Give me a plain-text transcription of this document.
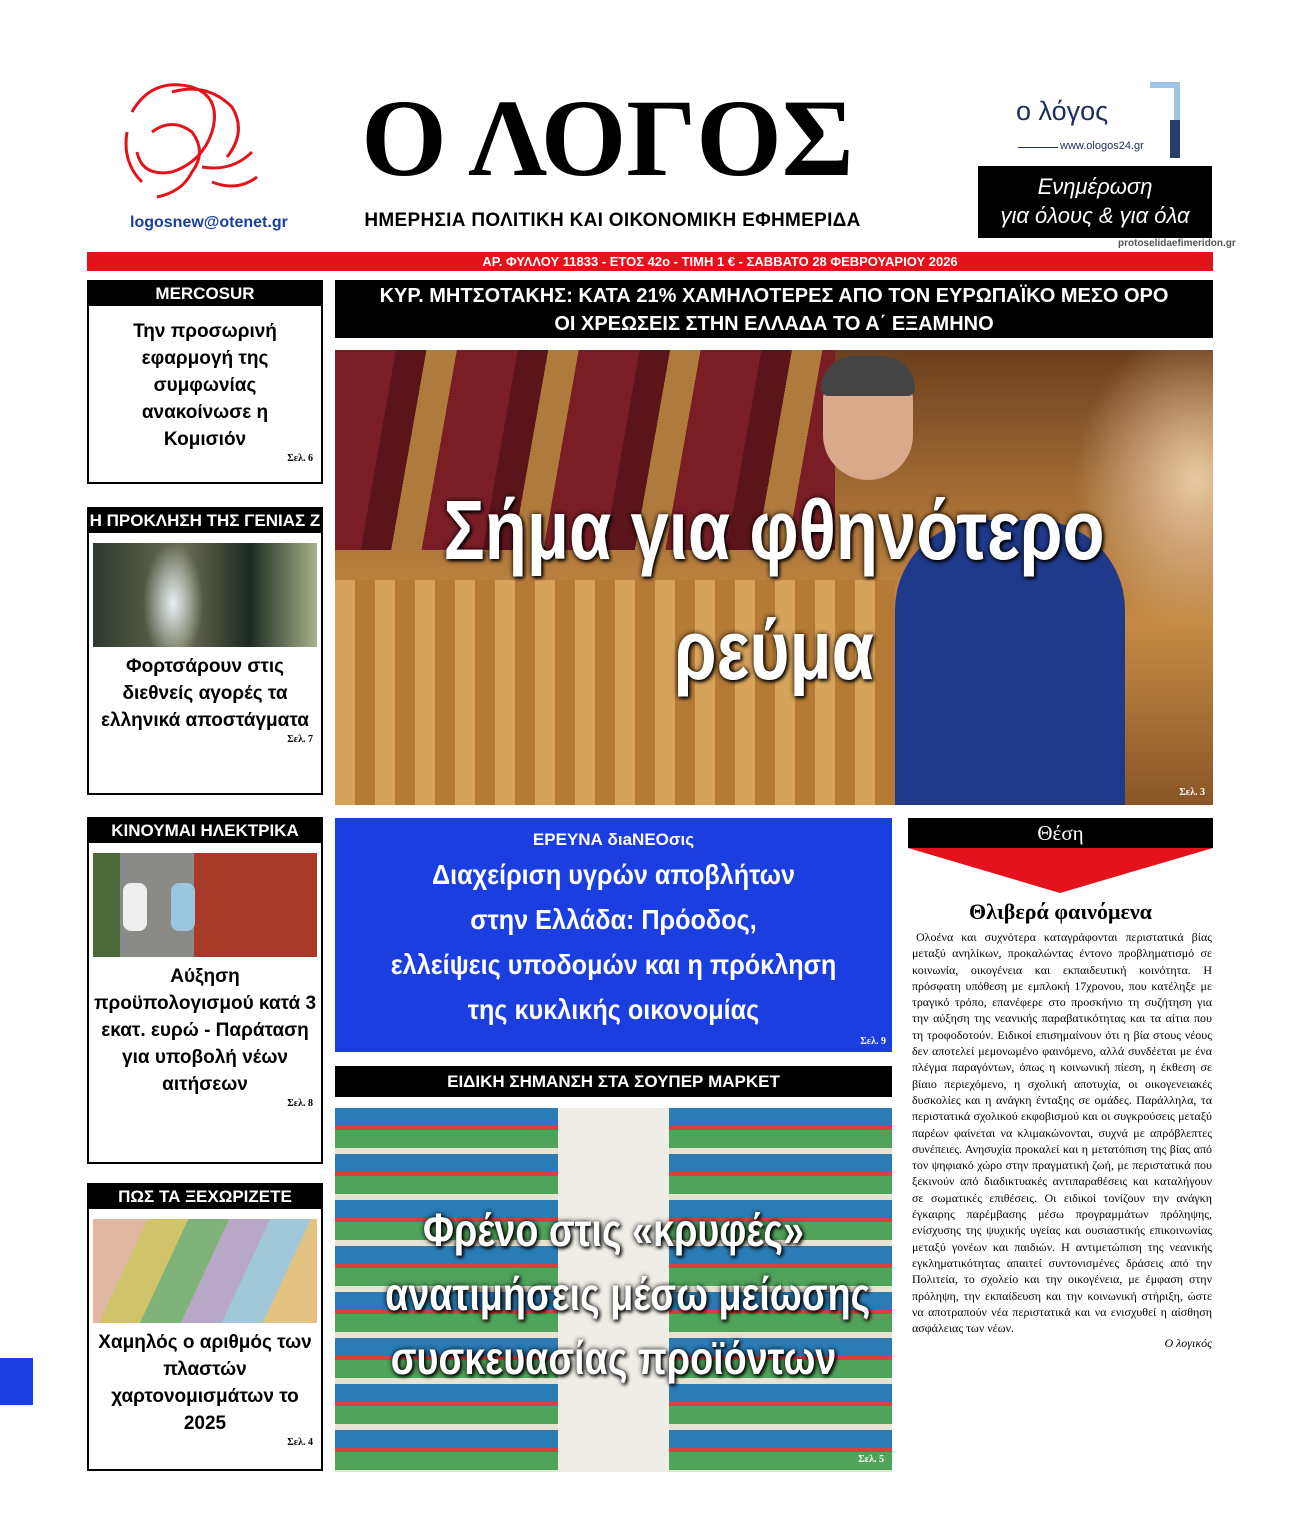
logosnew@otenet.gr
Ο ΛΟΓΟΣ
ΗΜΕΡΗΣΙΑ ΠΟΛΙΤΙΚΗ ΚΑΙ ΟΙΚΟΝΟΜΙΚΗ ΕΦΗΜΕΡΙΔΑ
ο λόγος
www.ologos24.gr
Ενημέρωση
για όλους & για όλα
protoselidaefimeridon.gr
ΑΡ. ΦΥΛΛΟΥ 11833 - ΕΤΟΣ 42ο - ΤΙΜΗ 1 € - ΣΑΒΒΑΤΟ 28 ΦΕΒΡΟΥΑΡΙΟΥ 2026
MERCOSUR
Την προσωρινή εφαρμογή της συμφωνίας ανακοίνωσε η Κομισιόν
Σελ. 6
Η ΠΡΟΚΛΗΣΗ ΤΗΣ ΓΕΝΙΑΣ Ζ
Φορτσάρουν στις διεθνείς αγορές τα ελληνικά αποστάγματα
Σελ. 7
ΚΙΝΟΥΜΑΙ ΗΛΕΚΤΡΙΚΑ
Αύξηση προϋπολογισμού κατά 3 εκατ. ευρώ - Παράταση για υποβολή νέων αιτήσεων
Σελ. 8
ΠΩΣ ΤΑ ΞΕΧΩΡΙΖΕΤΕ
Χαμηλός ο αριθμός των πλαστών χαρτονομισμάτων το 2025
Σελ. 4
ΚΥΡ. ΜΗΤΣΟΤΑΚΗΣ: ΚΑΤΑ 21% ΧΑΜΗΛΟΤΕΡΕΣ ΑΠΟ ΤΟΝ ΕΥΡΩΠΑΪΚΟ ΜΕΣΟ ΟΡΟ
ΟΙ ΧΡΕΩΣΕΙΣ ΣΤΗΝ ΕΛΛΑΔΑ ΤΟ Α΄ ΕΞΑΜΗΝΟ
Σήμα για φθηνότερο
ρεύμα
Σελ. 3
ΕΡΕΥΝΑ διaΝΕΟσις
Διαχείριση υγρών αποβλήτων
στην Ελλάδα: Πρόοδος,
ελλείψεις υποδομών και η πρόκληση
της κυκλικής οικονομίας
Σελ. 9
ΕΙΔΙΚΗ ΣΗΜΑΝΣΗ ΣΤΑ ΣΟΥΠΕΡ ΜΑΡΚΕΤ
Φρένο στις «κρυφές»
ανατιμήσεις μέσω μείωσης
συσκευασίας προϊόντων
Σελ. 5
Θέση
Θλιβερά φαινόμενα
Ολοένα και συχνότερα καταγράφονται περιστατικά βίας μεταξύ ανηλίκων, προκαλώντας έντονο προβληματισμό σε κοινωνία, οικογένεια και εκπαιδευτική κοινότητα. Η πρόσφατη υπόθεση με εμπλοκή 17χρονου, που κατέληξε με τραγικό τρόπο, επανέφερε στο προσκήνιο τη συζήτηση για την αύξηση της νεανικής παραβατικότητας και τα αίτια που τη τροφοδοτούν. Ειδικοί επισημαίνουν ότι η βία στους νέους δεν αποτελεί μεμονωμένο φαινόμενο, αλλά συνδέεται με ένα πλέγμα παραγόντων, όπως η κοινωνική πίεση, η έκθεση σε βίαιο περιεχόμενο, η σχολική αποτυχία, οι οικογενειακές δυσκολίες και η ανάγκη ένταξης σε ομάδες. Παράλληλα, τα περιστατικά σχολικού εκφοβισμού και οι συγκρούσεις μεταξύ παρέων φαίνεται να κλιμακώνονται, συχνά με απρόβλεπτες συνέπειες. Ανησυχία προκαλεί και η μετατόπιση της βίας από τον ψηφιακό χώρο στην πραγματική ζωή, με περιστατικά που ξεκινούν από διαδικτυακές αντιπαραθέσεις και καταλήγουν σε σωματικές επιθέσεις. Οι ειδικοί τονίζουν την ανάγκη έγκαιρης παρέμβασης μέσω προγραμμάτων πρόληψης, ενίσχυσης της ψυχικής υγείας και ουσιαστικής επικοινωνίας μεταξύ γονέων και παιδιών. Η αντιμετώπιση της νεανικής εγκληματικότητας απαιτεί συντονισμένες δράσεις από την Πολιτεία, το σχολείο και την οικογένεια, με έμφαση στην πρόληψη, την εκπαίδευση και την κοινωνική στήριξη, ώστε να αποτραπούν νέα περιστατικά και να ενισχυθεί η αίσθηση ασφάλειας των νέων.
Ο λογικός
